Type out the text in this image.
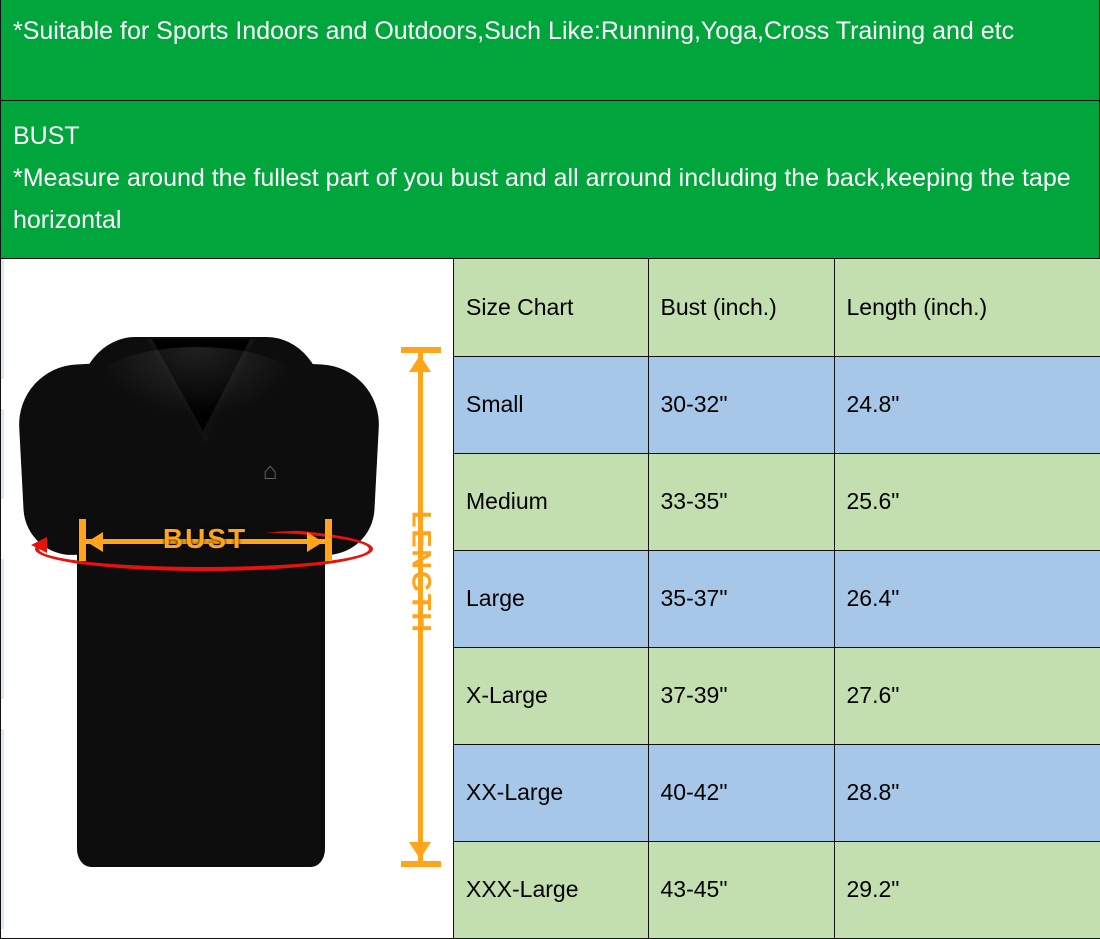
*Suitable for Sports Indoors and Outdoors,Such Like:Running,Yoga,Cross Training and etc
BUST
*Measure around the fullest part of you bust and all arround including the back,keeping the tape horizontal
⌂
BUST	LENGTH
Size Chart	Bust (inch.)	Length (inch.)
Small	30-32"	24.8"
Medium	33-35"	25.6"
Large	35-37"	26.4"
X-Large	37-39"	27.6"
XX-Large	40-42"	28.8"
XXX-Large	43-45"	29.2"
